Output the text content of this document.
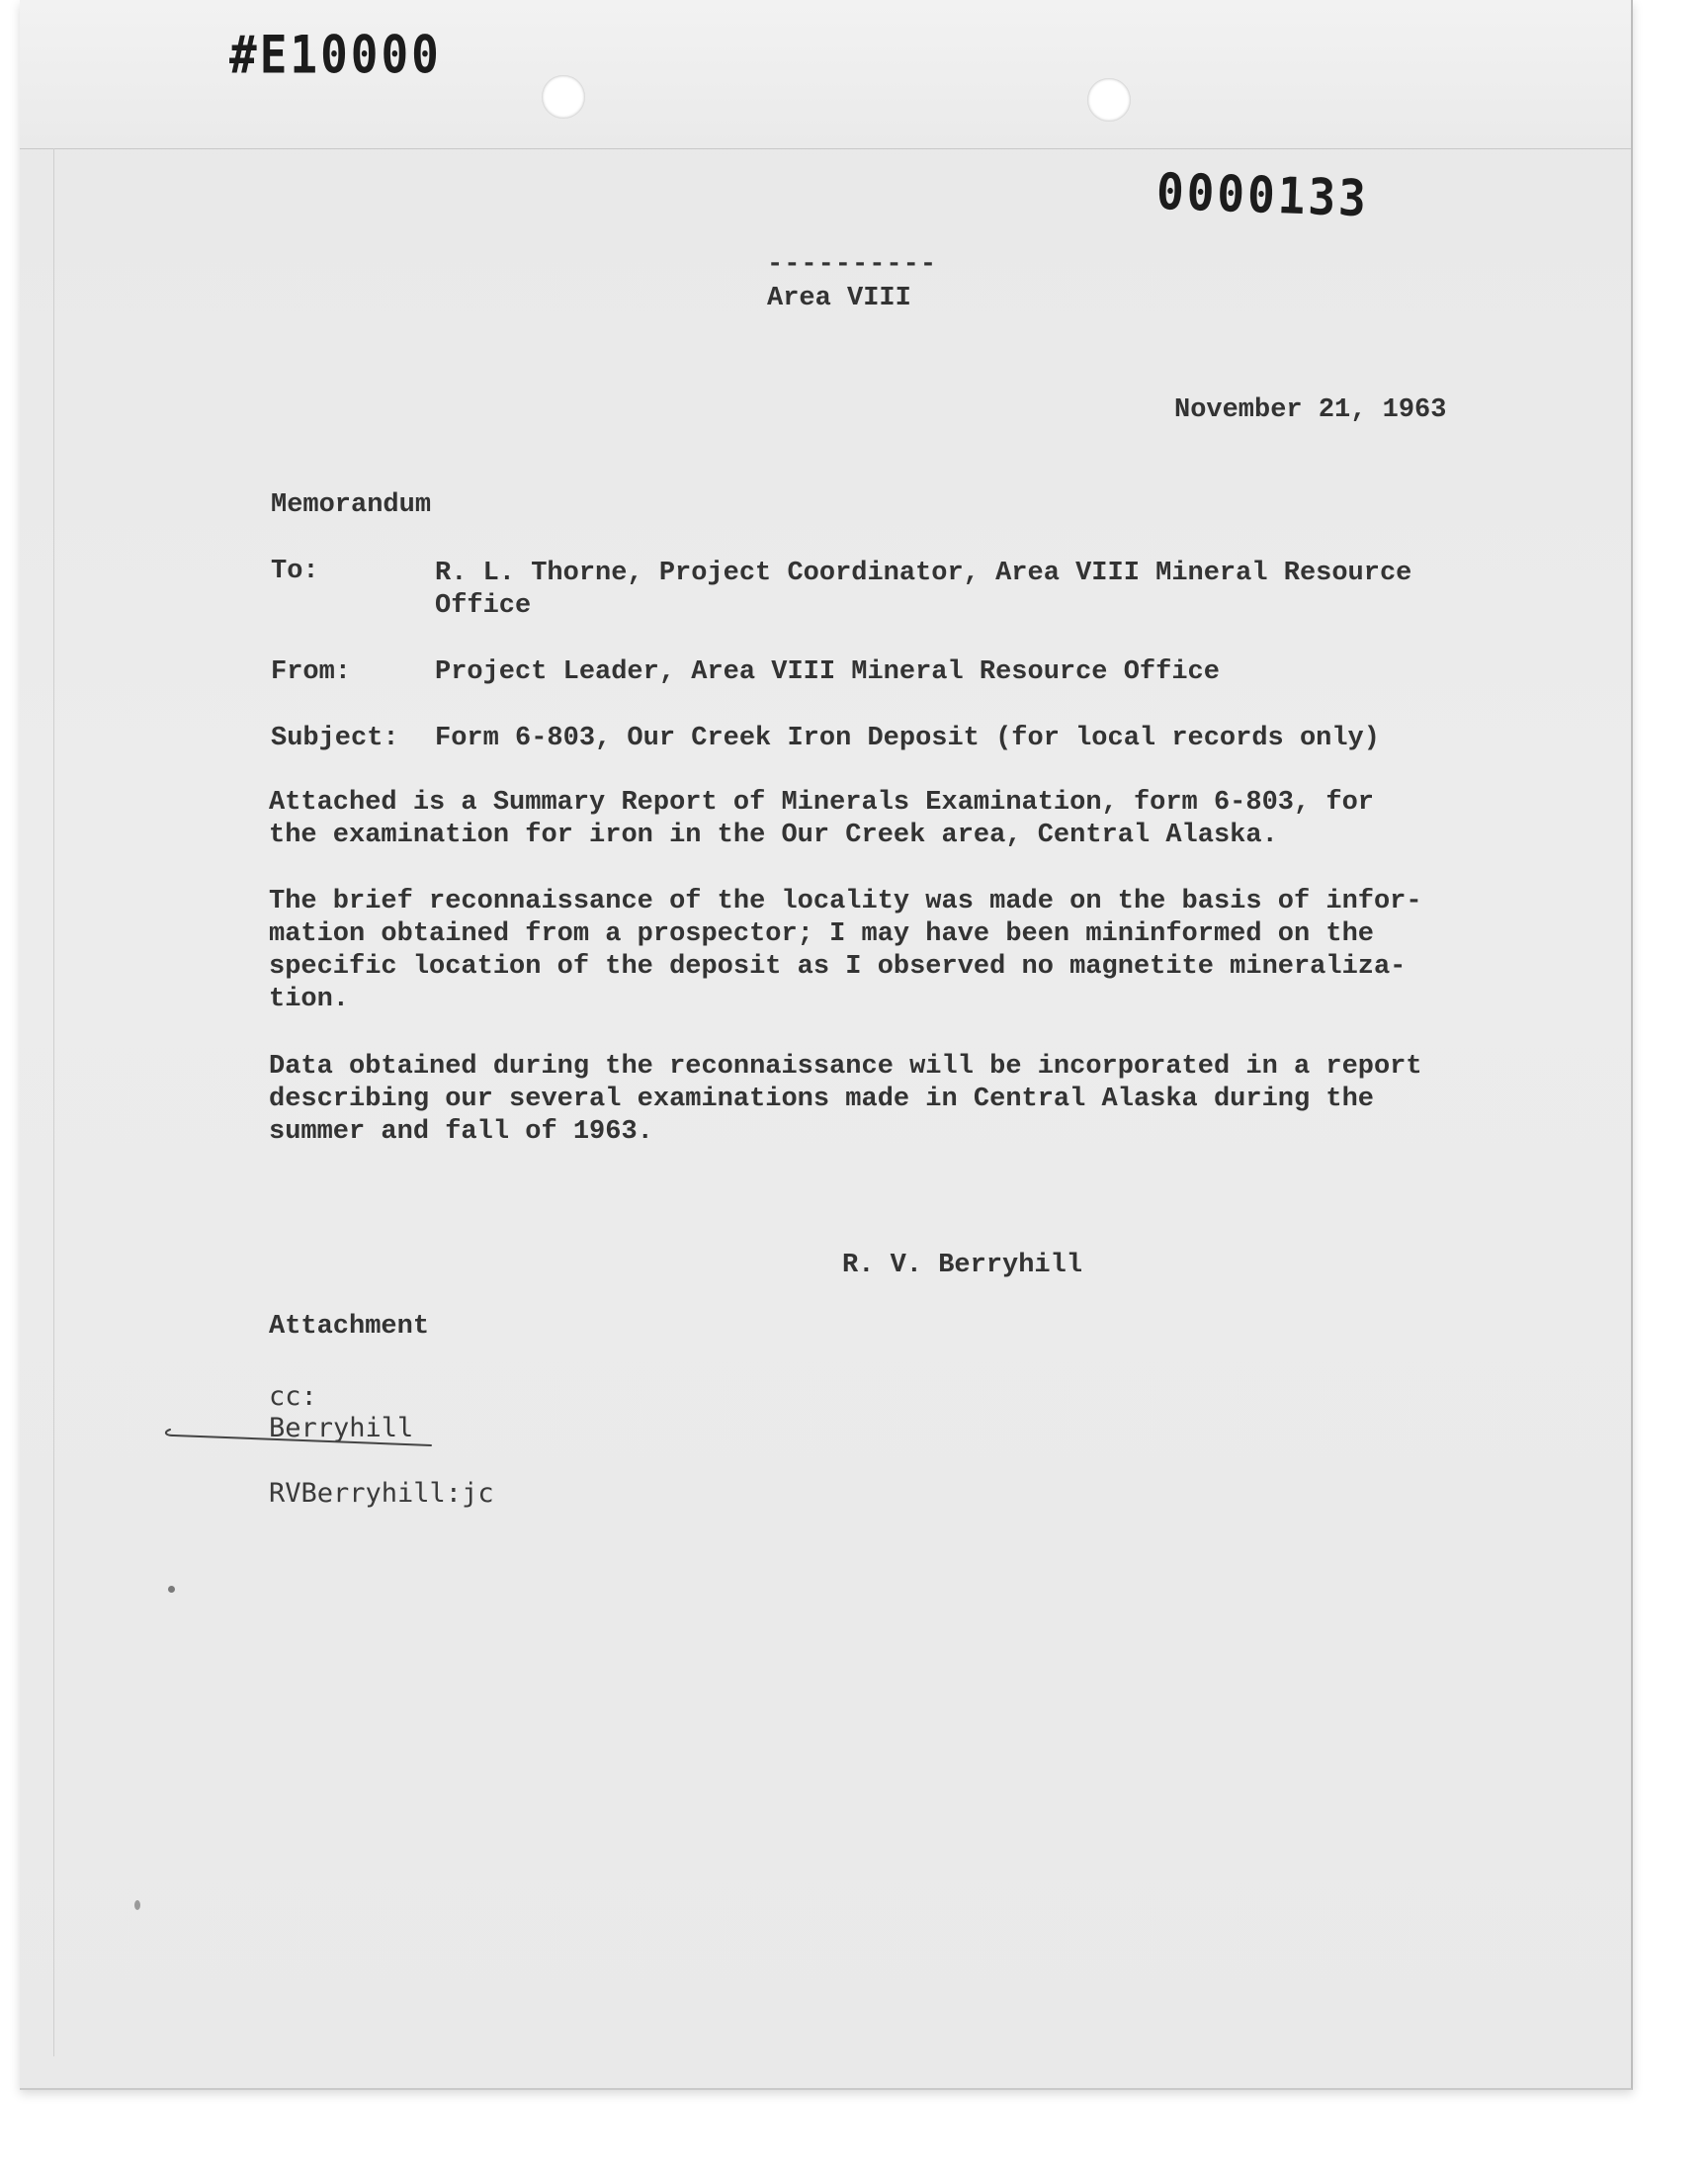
#E10000
0000133
----------
Area VIII
November 21, 1963
Memorandum
To:	R. L. Thorne, Project Coordinator, Area VIII Mineral Resource
Office
From:	Project Leader, Area VIII Mineral Resource Office
Subject: Form 6-803, Our Creek Iron Deposit (for local records only)
Attached is a Summary Report of Minerals Examination, form 6-803, for
the examination for iron in the Our Creek area, Central Alaska.
The brief reconnaissance of the locality was made on the basis of infor-
mation obtained from a prospector; I may have been mininformed on the
specific location of the deposit as I observed no magnetite mineraliza-
tion.
Data obtained during the reconnaissance will be incorporated in a report
describing our several examinations made in Central Alaska during the
summer and fall of 1963.
R. V. Berryhill
Attachment
cc:
Berryhill
RVBerryhill:jc
